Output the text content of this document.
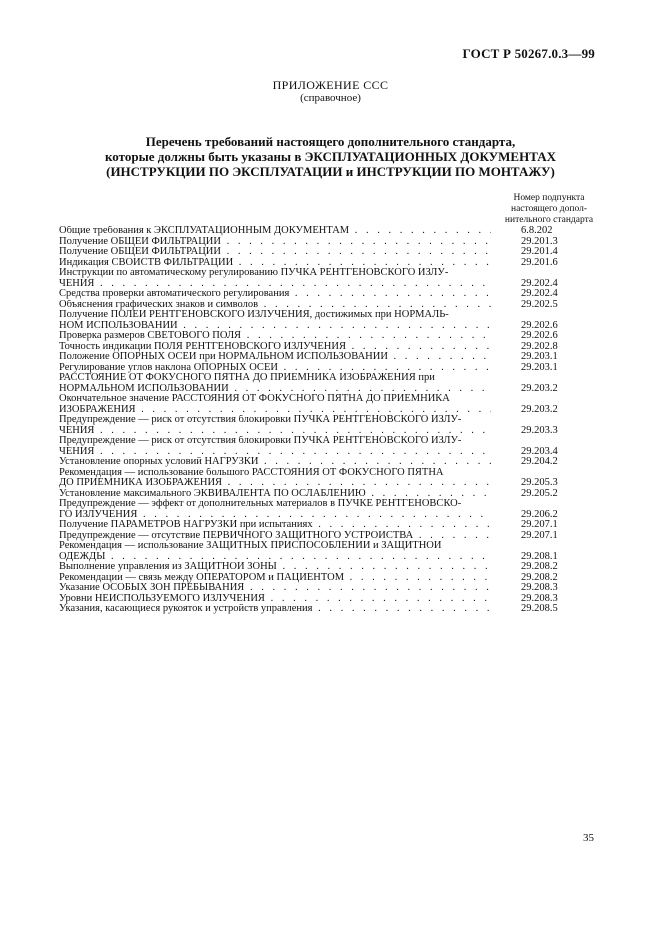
ГОСТ Р 50267.0.3—99
ПРИЛОЖЕНИЕ ССС
(справочное)
Перечень требований настоящего дополнительного стандарта,
которые должны быть указаны в ЭКСПЛУАТАЦИОННЫХ ДОКУМЕНТАХ
(ИНСТРУКЦИИ ПО ЭКСПЛУАТАЦИИ и ИНСТРУКЦИИ ПО МОНТАЖУ)
Номер подпункта
настоящего допол-
нительного стандарта
Общие требования к ЭКСПЛУАТАЦИОННЫМ ДОКУМЕНТАМ . . .	6.8.202
Получение ОБЩЕЙ ФИЛЬТРАЦИИ . . .	29.201.3
Получение ОБЩЕЙ ФИЛЬТРАЦИИ . . .	29.201.4
Индикация СВОЙСТВ ФИЛЬТРАЦИИ . . .	29.201.6
Инструкции по автоматическому регулированию ПУЧКА РЕНТГЕНОВСКОГО ИЗЛУ-
ЧЕНИЯ . . .	29.202.4
Средства проверки автоматического регулирования . . .	29.202.4
Объяснения графических знаков и символов . . .	29.202.5
Получение ПОЛЕЙ РЕНТГЕНОВСКОГО ИЗЛУЧЕНИЯ, достижимых при НОРМАЛЬ-
НОМ ИСПОЛЬЗОВАНИИ . . .	29.202.6
Проверка размеров СВЕТОВОГО ПОЛЯ . . .	29.202.6
Точность индикации ПОЛЯ РЕНТГЕНОВСКОГО ИЗЛУЧЕНИЯ . . .	29.202.8
Положение ОПОРНЫХ ОСЕЙ при НОРМАЛЬНОМ ИСПОЛЬЗОВАНИИ . . .	29.203.1
Регулирование углов наклона ОПОРНЫХ ОСЕЙ . . .	29.203.1
РАССТОЯНИЕ ОТ ФОКУСНОГО ПЯТНА ДО ПРИЕМНИКА ИЗОБРАЖЕНИЯ при
НОРМАЛЬНОМ ИСПОЛЬЗОВАНИИ . . .	29.203.2
Окончательное значение РАССТОЯНИЯ ОТ ФОКУСНОГО ПЯТНА ДО ПРИЕМНИКА
ИЗОБРАЖЕНИЯ . . .	29.203.2
Предупреждение — риск от отсутствия блокировки ПУЧКА РЕНТГЕНОВСКОГО ИЗЛУ-
ЧЕНИЯ . . .	29.203.3
Предупреждение — риск от отсутствия блокировки ПУЧКА РЕНТГЕНОВСКОГО ИЗЛУ-
ЧЕНИЯ . . .	29.203.4
Установление опорных условий НАГРУЗКИ . . .	29.204.2
Рекомендация — использование большого РАССТОЯНИЯ ОТ ФОКУСНОГО ПЯТНА
ДО ПРИЕМНИКА ИЗОБРАЖЕНИЯ . . .	29.205.3
Установление максимального ЭКВИВАЛЕНТА ПО ОСЛАБЛЕНИЮ . . .	29.205.2
Предупреждение — эффект от дополнительных материалов в ПУЧКЕ РЕНТГЕНОВСКО-
ГО ИЗЛУЧЕНИЯ . . .	29.206.2
Получение ПАРАМЕТРОВ НАГРУЗКИ при испытаниях . . .	29.207.1
Предупреждение — отсутствие ПЕРВИЧНОГО ЗАЩИТНОГО УСТРОЙСТВА . . .	29.207.1
Рекомендация — использование ЗАЩИТНЫХ ПРИСПОСОБЛЕНИЙ и ЗАЩИТНОЙ
ОДЕЖДЫ . . .	29.208.1
Выполнение управления из ЗАЩИТНОЙ ЗОНЫ . . .	29.208.2
Рекомендации — связь между ОПЕРАТОРОМ и ПАЦИЕНТОМ . . .	29.208.2
Указание ОСОБЫХ ЗОН ПРЕБЫВАНИЯ . . .	29.208.3
Уровни НЕИСПОЛЬЗУЕМОГО ИЗЛУЧЕНИЯ . . .	29.208.3
Указания, касающиеся рукояток и устройств управления . . .	29.208.5
35
